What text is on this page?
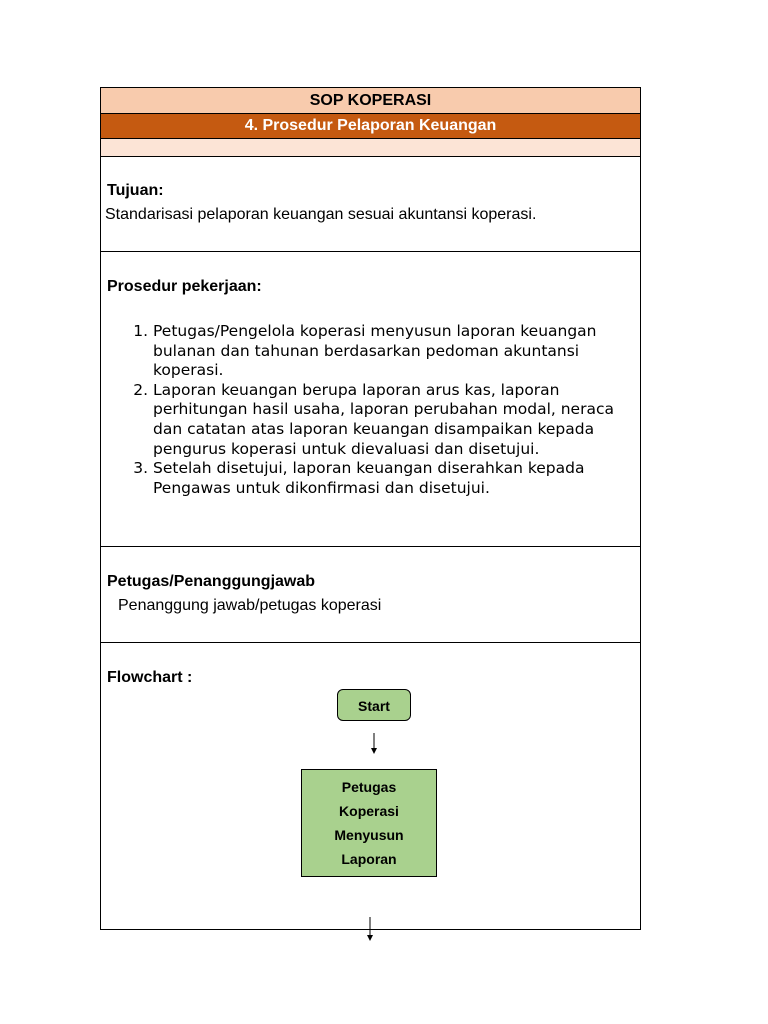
SOP KOPERASI
4. Prosedur Pelaporan Keuangan
Tujuan:
Standarisasi pelaporan keuangan sesuai akuntansi koperasi.
Prosedur pekerjaan:
1. Petugas/Pengelola koperasi menyusun laporan keuangan bulanan dan tahunan berdasarkan pedoman akuntansi koperasi.
2. Laporan keuangan berupa laporan arus kas, laporan perhitungan hasil usaha, laporan perubahan modal, neraca dan catatan atas laporan keuangan disampaikan kepada pengurus koperasi untuk dievaluasi dan disetujui.
3. Setelah disetujui, laporan keuangan diserahkan kepada Pengawas untuk dikonfirmasi dan disetujui.
Petugas/Penanggungjawab
Penanggung jawab/petugas koperasi
Flowchart :
Start
Petugas Koperasi Menyusun Laporan
